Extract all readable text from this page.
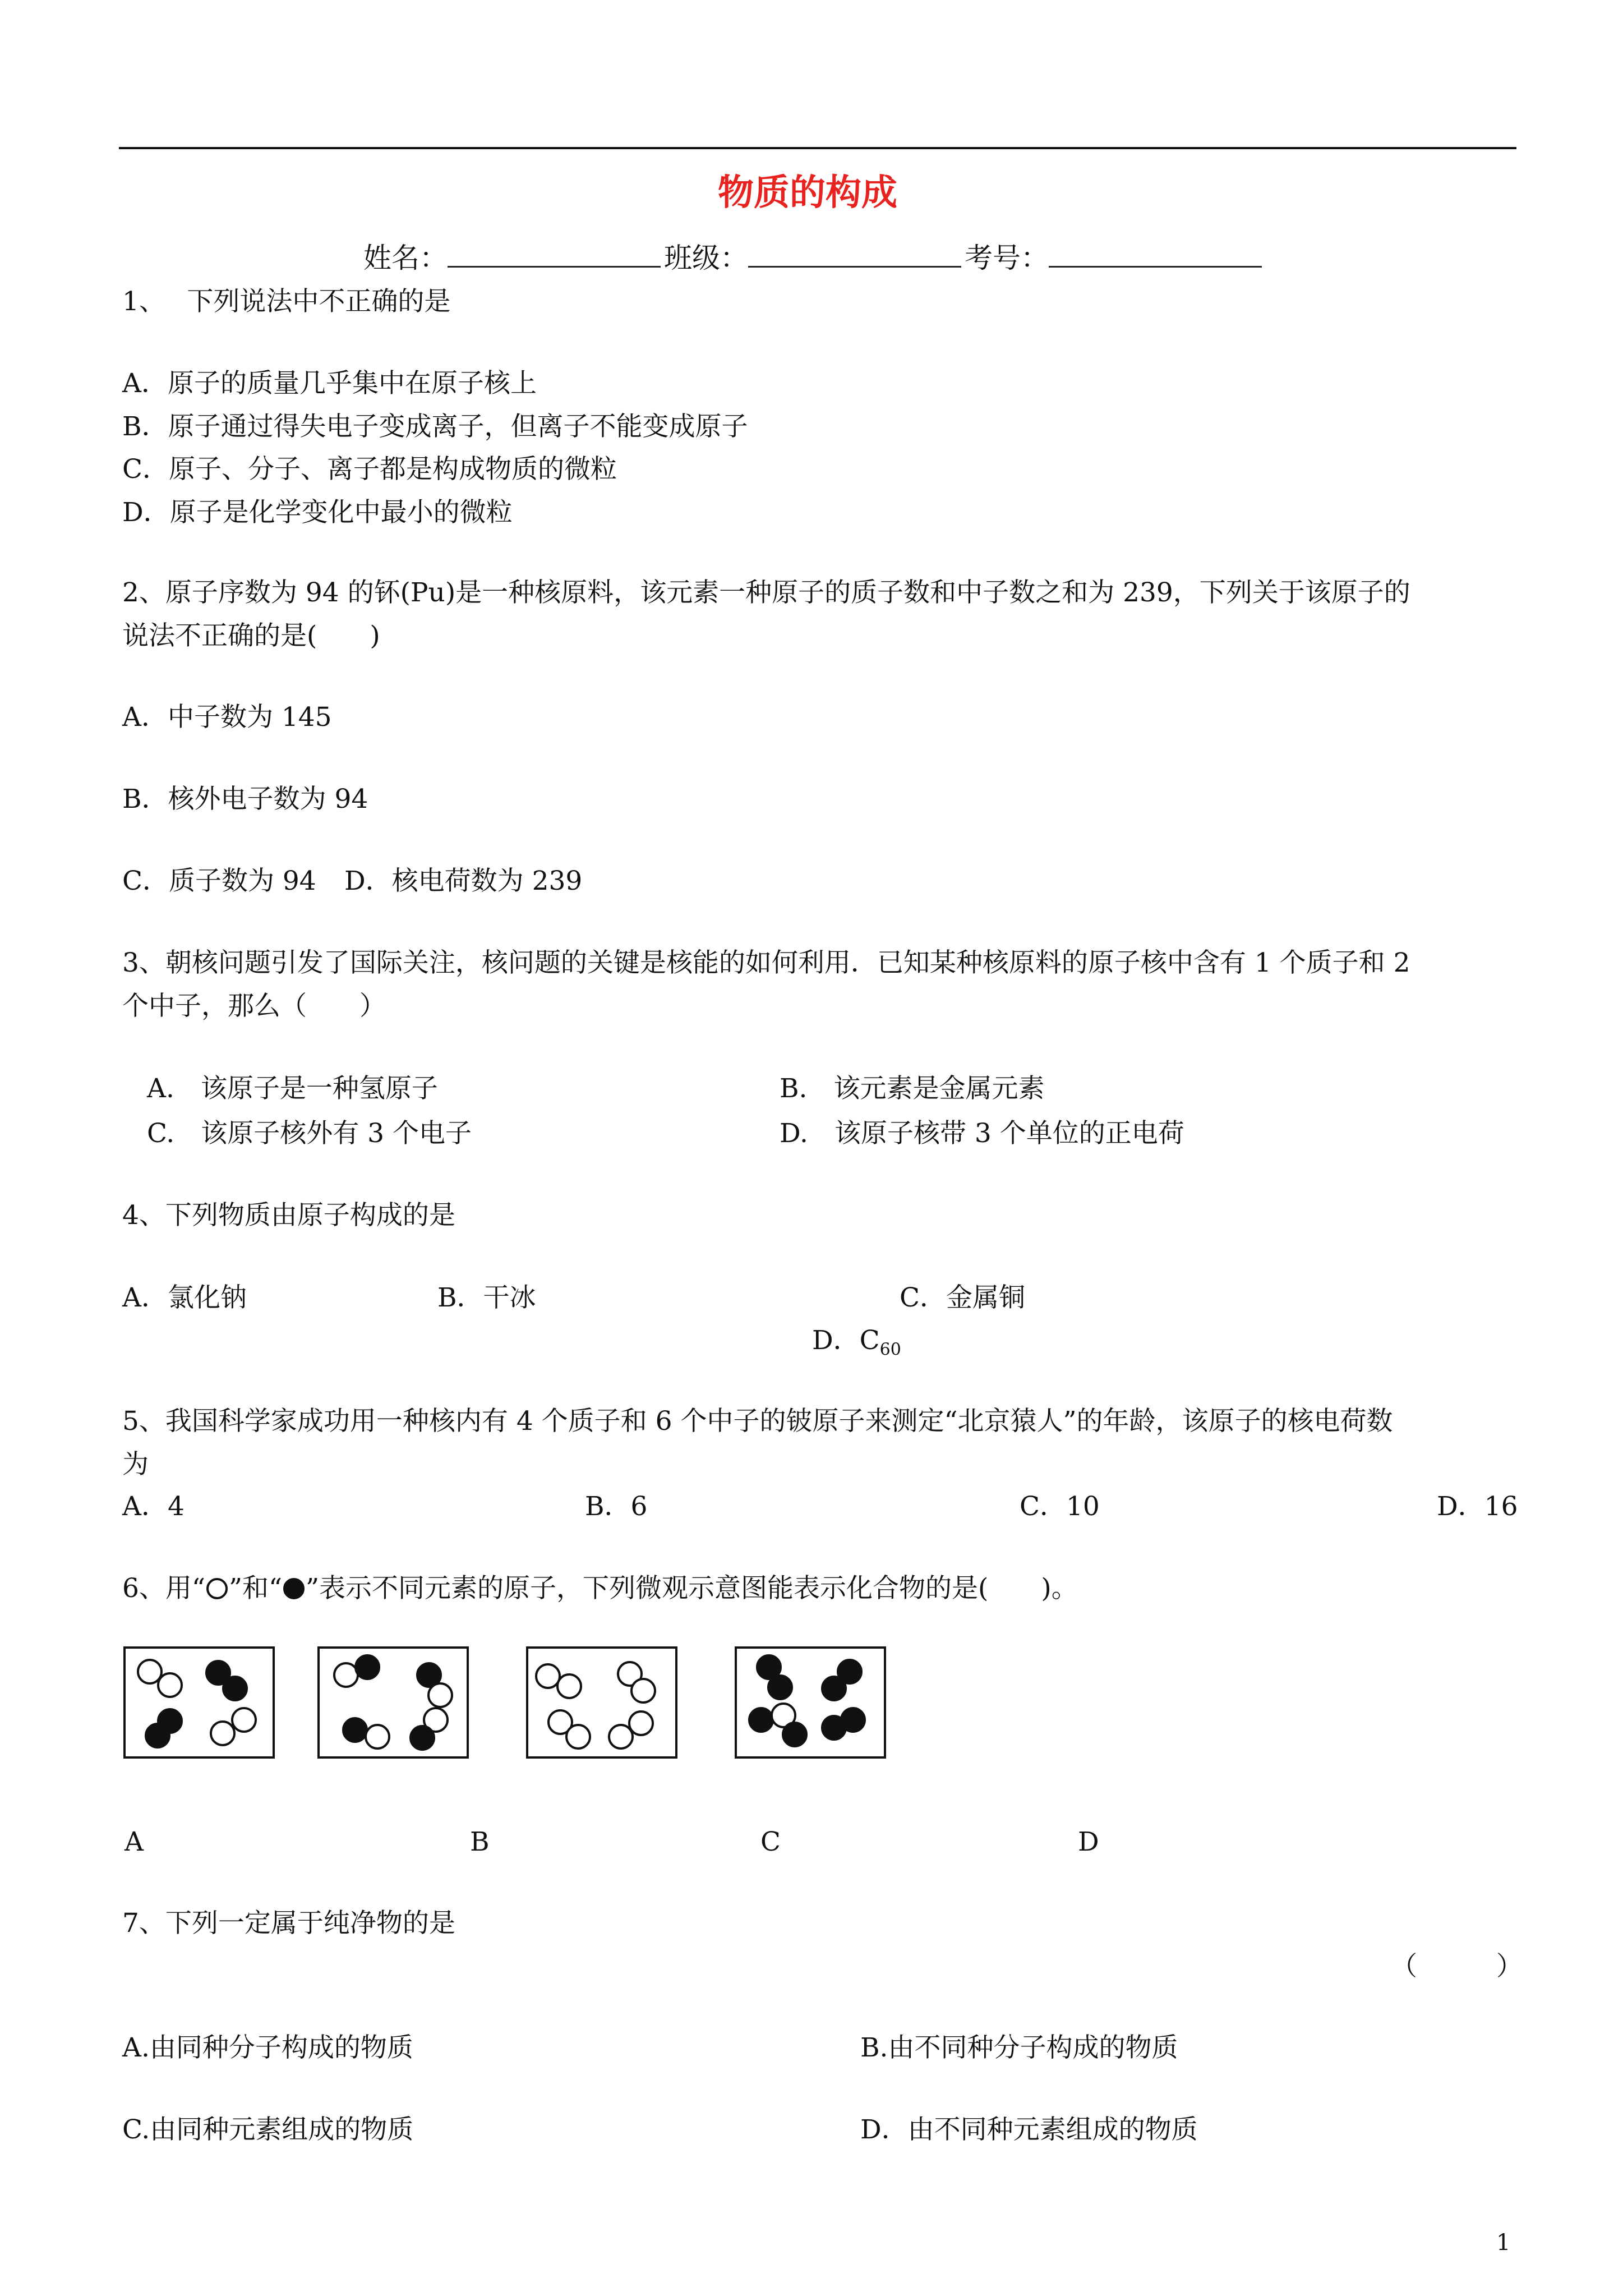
物质的构成
姓名：	班级：	考号：
1、　 下列说法中不正确的是
A．原子的质量几乎集中在原子核上
B．原子通过得失电子变成离子，但离子不能变成原子
C．原子、分子、离子都是构成物质的微粒
D．原子是化学变化中最小的微粒
2、原子序数为 94 的钚(Pu)是一种核原料，该元素一种原子的质子数和中子数之和为 239，下列关于该原子的
说法不正确的是(　　)
A．中子数为 145
B．核外电子数为 94
C．质子数为 94 D．核电荷数为 239
3、朝核问题引发了国际关注，核问题的关键是核能的如何利用．已知某种核原料的原子核中含有 1 个质子和 2
个中子，那么（　　）
A.　该原子是一种氢原子	B.　该元素是金属元素
C.　该原子核外有 3 个电子	D.　该原子核带 3 个单位的正电荷
4、下列物质由原子构成的是
A．氯化钠	B．干冰	C．金属铜
D．$C_{60}$
5、我国科学家成功用一种核内有 4 个质子和 6 个中子的铍原子来测定“北京猿人”的年龄，该原子的核电荷数
为
A．4	B．6	C．10	D．16
6、用“ ”和“ ”表示不同元素的原子，下列微观示意图能表示化合物的是(　　)。
A	B	C	D
7、下列一定属于纯净物的是
（　　　）
A.由同种分子构成的物质	B.由不同种分子构成的物质
C.由同种元素组成的物质	D．由不同种元素组成的物质
1
